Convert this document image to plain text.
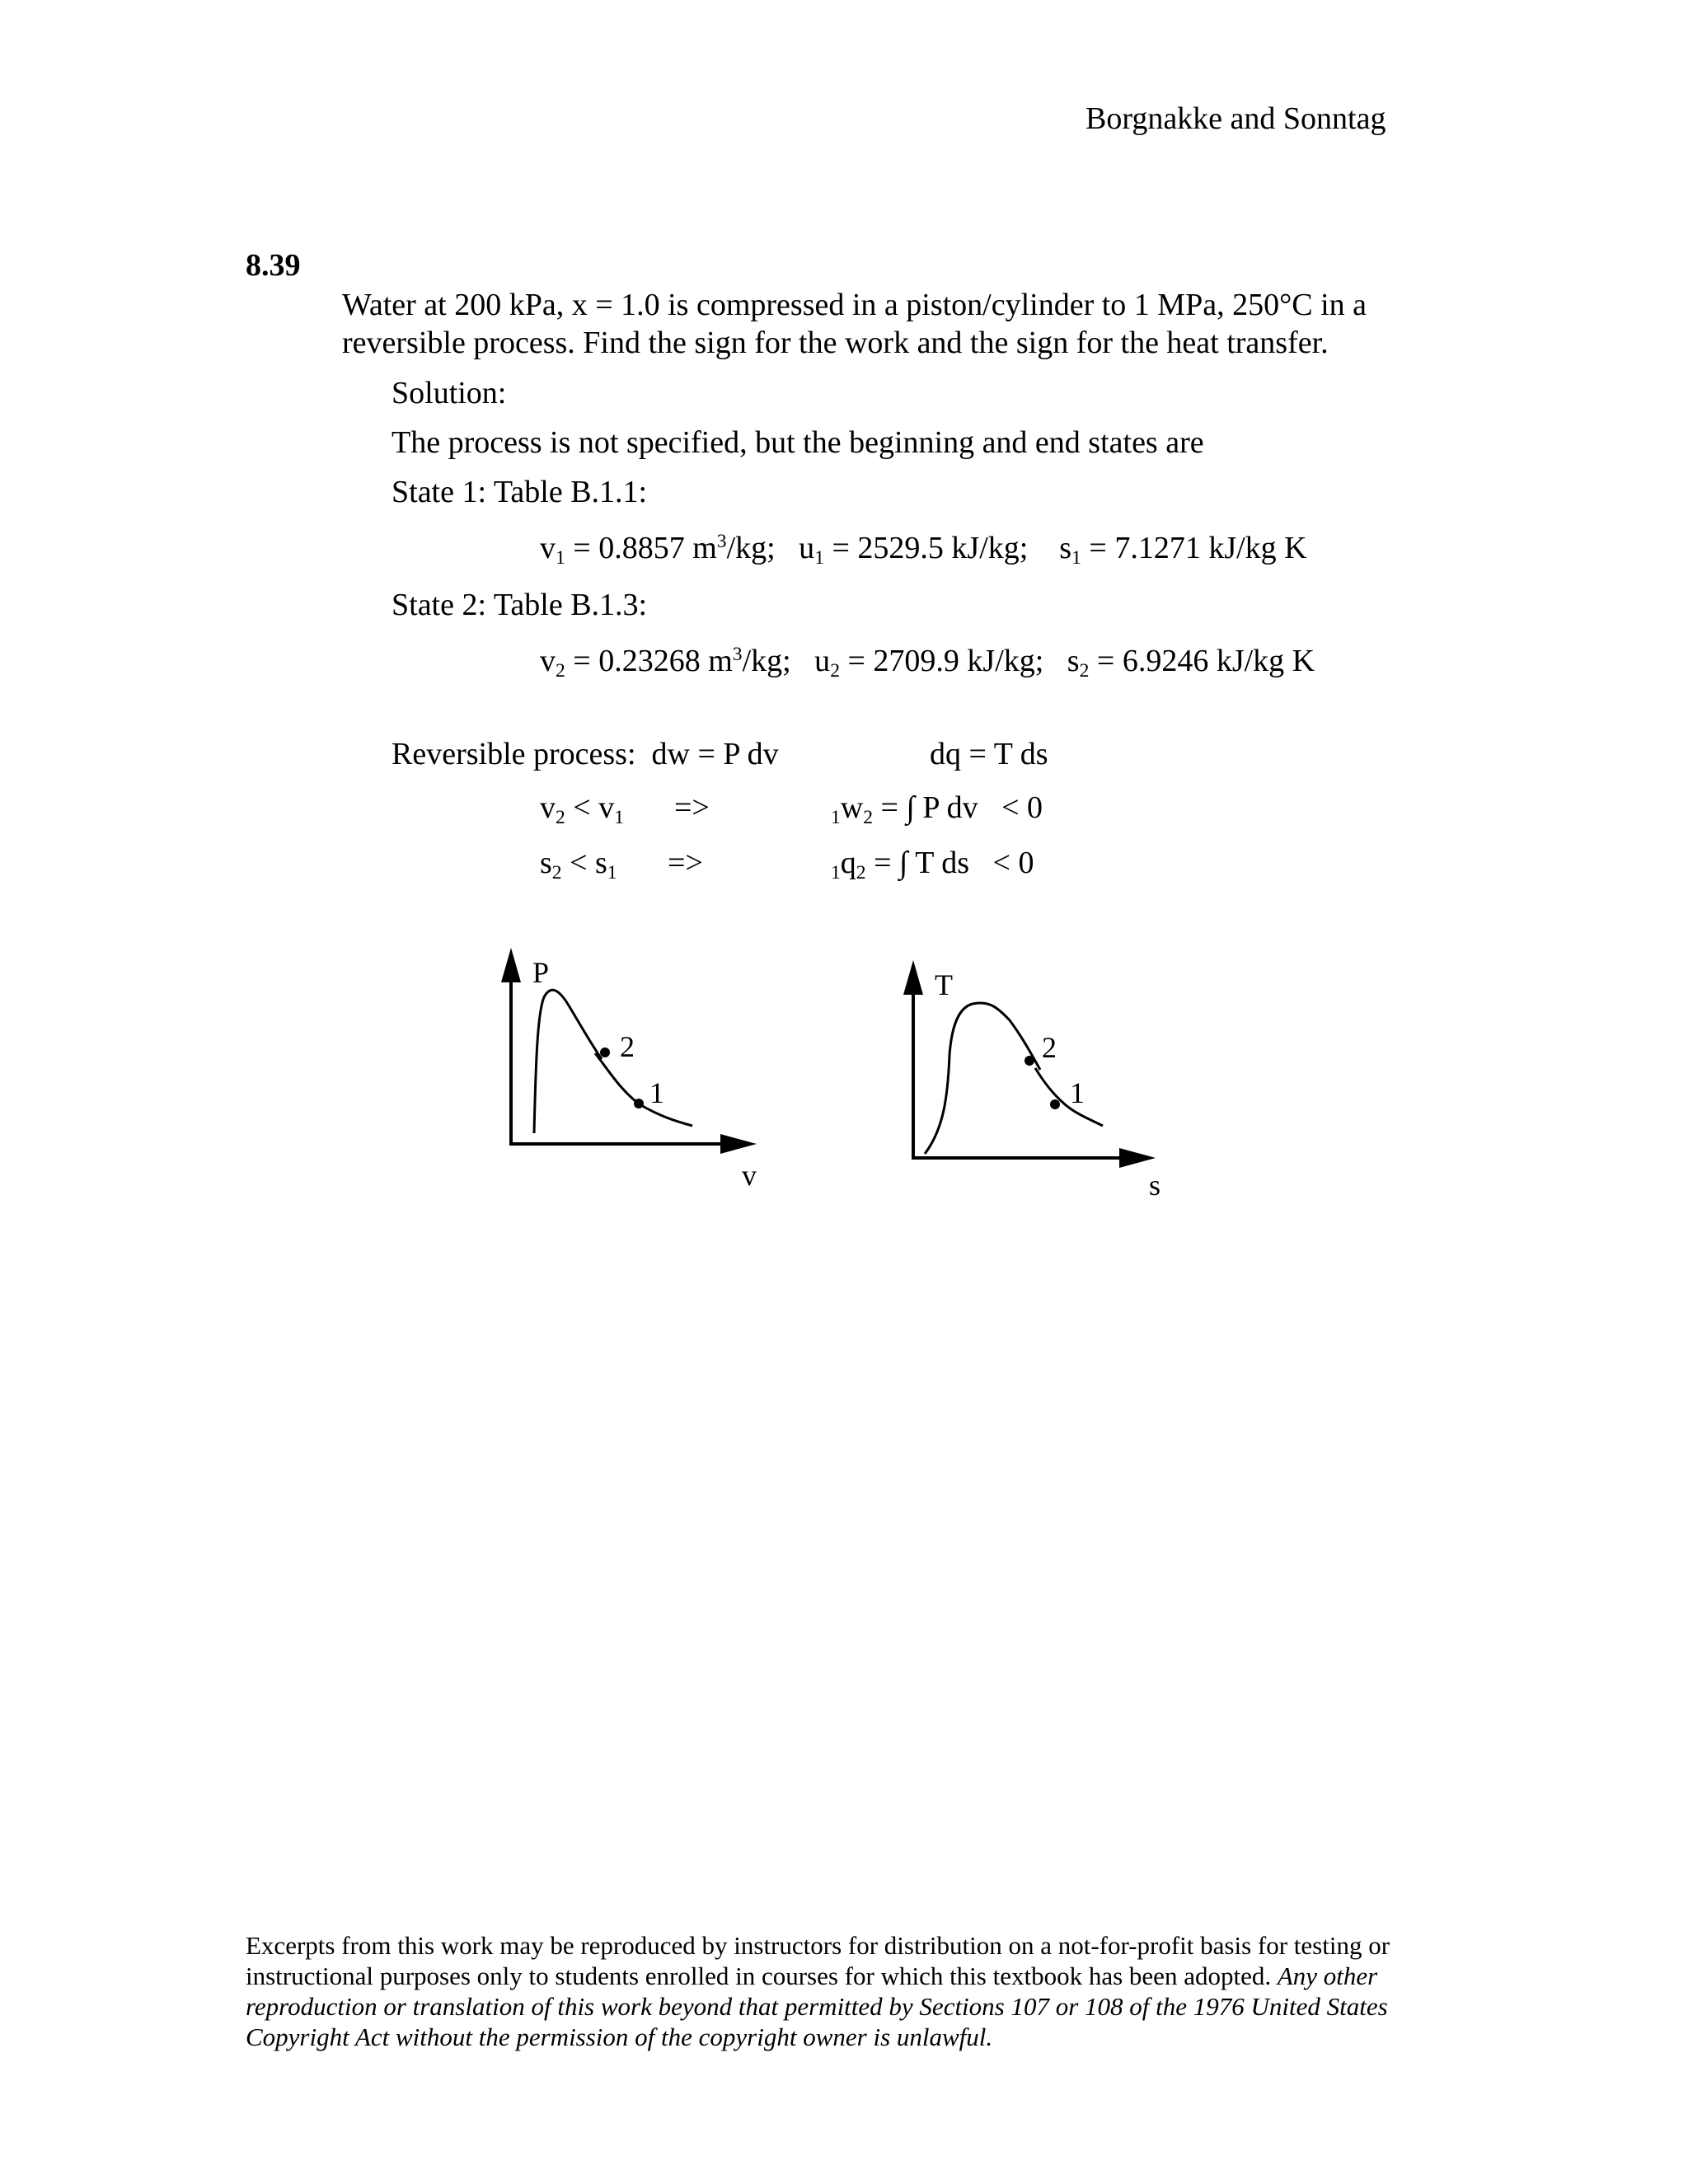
Borgnakke and Sonntag
8.39
Water at 200 kPa, x = 1.0 is compressed in a piston/cylinder to 1 MPa, 250°C in a
reversible process. Find the sign for the work and the sign for the heat transfer.
Solution:
The process is not specified, but the beginning and end states are
State 1: Table B.1.1:
$v_1 = 0.8857$ $m^3/kg$;   $u_1 = 2529.5$ kJ/kg;    $s_1 = 7.1271$ kJ/kg K
State 2: Table B.1.3:
$v_2 = 0.23268$ $m^3/kg$;   $u_2 = 2709.9$ kJ/kg;   $s_2 = 6.9246$ kJ/kg K
Reversible process: dw = P dv	dq = T ds
$v_2 < v_1$ =>	$_1w_2$ = ∫ P dv   < 0
$s_2 < s_1$ =>	$_1q_2$ = ∫ T ds   < 0
P
v
2
1
T
s
2
1
Excerpts from this work may be reproduced by instructors for distribution on a not-for-profit basis for testing or instructional purposes only to students enrolled in courses for which this textbook has been adopted. Any other reproduction or translation of this work beyond that permitted by Sections 107 or 108 of the 1976 United States Copyright Act without the permission of the copyright owner is unlawful.
